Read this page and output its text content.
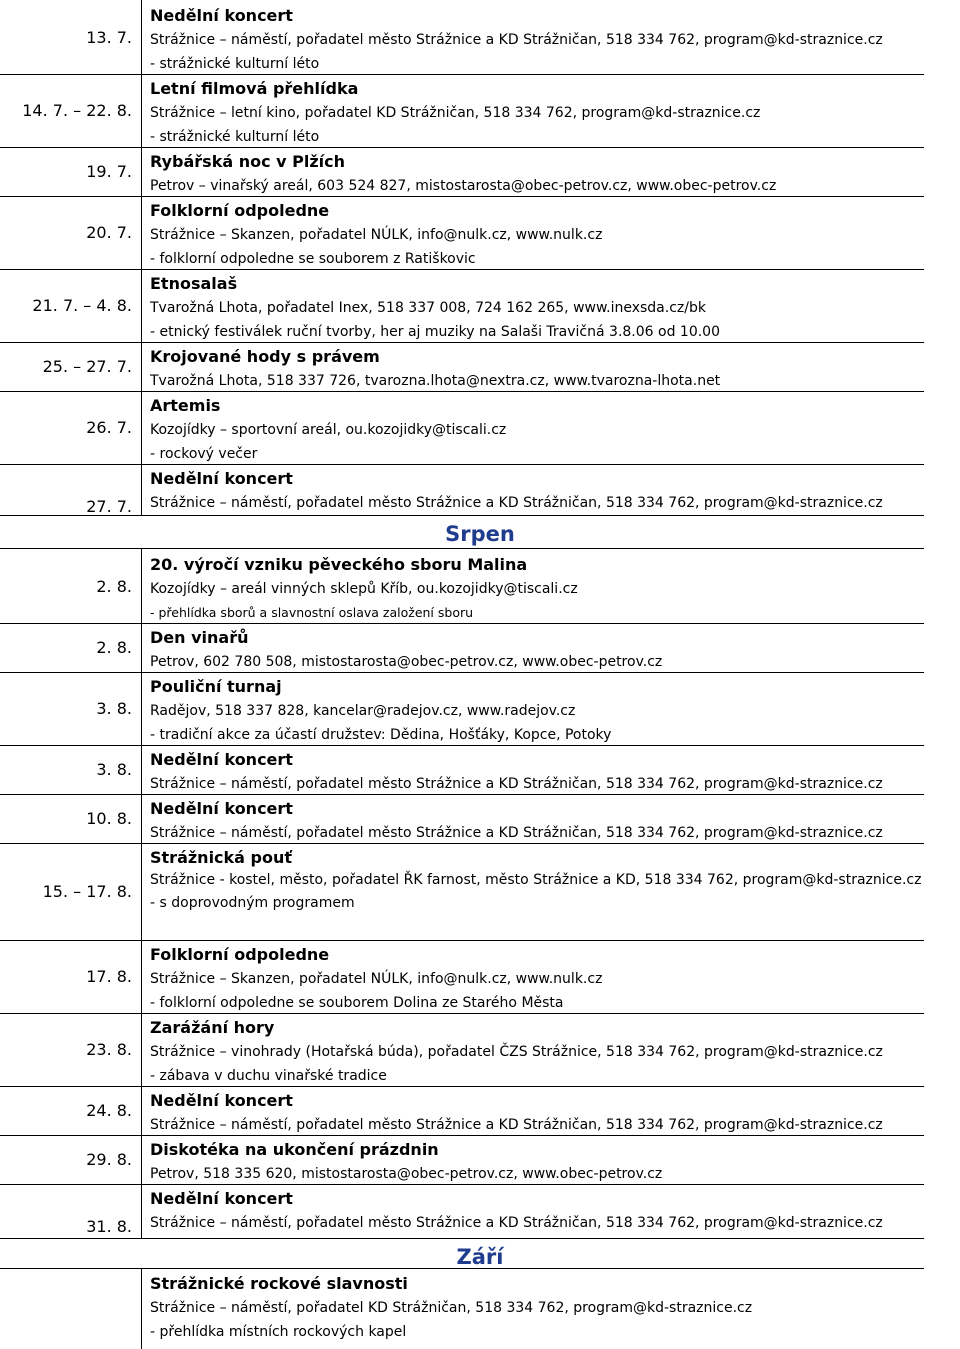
13. 7.
Nedělní koncert
Strážnice – náměstí, pořadatel město Strážnice a KD Strážničan, 518 334 762, program@kd-straznice.cz
- strážnické kulturní léto
14. 7. – 22. 8.
Letní filmová přehlídka
Strážnice – letní kino, pořadatel KD Strážničan, 518 334 762, program@kd-straznice.cz
- strážnické kulturní léto
19. 7.
Rybářská noc v Plžích
Petrov – vinařský areál, 603 524 827, mistostarosta@obec-petrov.cz, www.obec-petrov.cz
20. 7.
Folklorní odpoledne
Strážnice – Skanzen, pořadatel NÚLK, info@nulk.cz, www.nulk.cz
- folklorní odpoledne se souborem z Ratiškovic
21. 7. – 4. 8.
Etnosalaš
Tvarožná Lhota, pořadatel Inex, 518 337 008, 724 162 265, www.inexsda.cz/bk
- etnický festiválek ruční tvorby, her aj muziky na Salaši Travičná 3.8.06 od 10.00
25. – 27. 7.
Krojované hody s právem
Tvarožná Lhota, 518 337 726, tvarozna.lhota@nextra.cz, www.tvarozna-lhota.net
26. 7.
Artemis
Kozojídky – sportovní areál, ou.kozojidky@tiscali.cz
- rockový večer
27. 7.
Nedělní koncert
Strážnice – náměstí, pořadatel město Strážnice a KD Strážničan, 518 334 762, program@kd-straznice.cz
Srpen
2. 8.
20. výročí vzniku pěveckého sboru Malina
Kozojídky – areál vinných sklepů Kříb, ou.kozojidky@tiscali.cz
- přehlídka sborů a slavnostní oslava založení sboru
2. 8.
Den vinařů
Petrov, 602 780 508, mistostarosta@obec-petrov.cz, www.obec-petrov.cz
3. 8.
Pouliční turnaj
Radějov, 518 337 828, kancelar@radejov.cz, www.radejov.cz
- tradiční akce za účastí družstev: Dědina, Hošťáky, Kopce, Potoky
3. 8.
Nedělní koncert
Strážnice – náměstí, pořadatel město Strážnice a KD Strážničan, 518 334 762, program@kd-straznice.cz
10. 8.
Nedělní koncert
Strážnice – náměstí, pořadatel město Strážnice a KD Strážničan, 518 334 762, program@kd-straznice.cz
15. – 17. 8.
Strážnická pouť
Strážnice - kostel, město, pořadatel ŘK farnost, město Strážnice a KD, 518 334 762, program@kd-straznice.cz
- s doprovodným programem
17. 8.
Folklorní odpoledne
Strážnice – Skanzen, pořadatel NÚLK, info@nulk.cz, www.nulk.cz
- folklorní odpoledne se souborem Dolina ze Starého Města
23. 8.
Zarážání hory
Strážnice – vinohrady (Hotařská búda), pořadatel ČZS Strážnice, 518 334 762, program@kd-straznice.cz
- zábava v duchu vinařské tradice
24. 8.
Nedělní koncert
Strážnice – náměstí, pořadatel město Strážnice a KD Strážničan, 518 334 762, program@kd-straznice.cz
29. 8.
Diskotéka na ukončení prázdnin
Petrov, 518 335 620, mistostarosta@obec-petrov.cz, www.obec-petrov.cz
31. 8.
Nedělní koncert
Strážnice – náměstí, pořadatel město Strážnice a KD Strážničan, 518 334 762, program@kd-straznice.cz
Září
Strážnické rockové slavnosti
Strážnice – náměstí, pořadatel KD Strážničan, 518 334 762, program@kd-straznice.cz
- přehlídka místních rockových kapel
